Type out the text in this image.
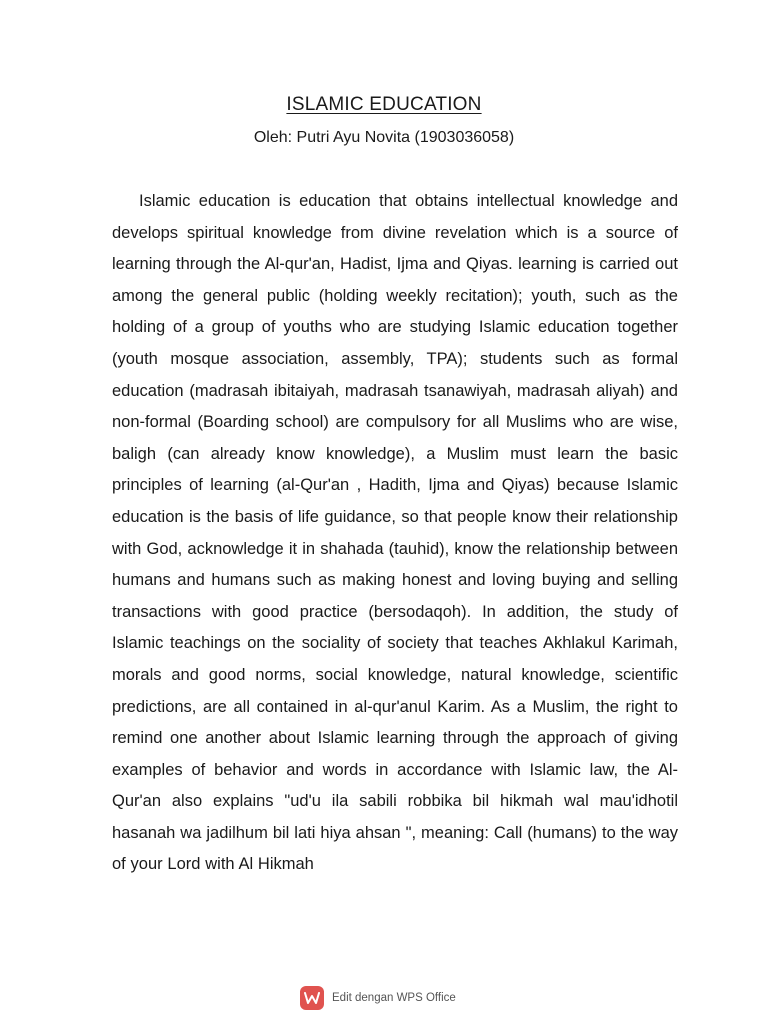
ISLAMIC EDUCATION
Oleh: Putri Ayu Novita (1903036058)

Islamic education is education that obtains intellectual knowledge and develops spiritual knowledge from divine revelation which is a source of learning through the Al-qur'an, Hadist, Ijma and Qiyas. learning is carried out among the general public (holding weekly recitation); youth, such as the holding of a group of youths who are studying Islamic education together (youth mosque association, assembly, TPA); students such as formal education (madrasah ibitaiyah, madrasah tsanawiyah, madrasah aliyah) and non-formal (Boarding school) are compulsory for all Muslims who are wise, baligh (can already know knowledge), a Muslim must learn the basic principles of learning (al-Qur'an , Hadith, Ijma and Qiyas) because Islamic education is the basis of life guidance, so that people know their relationship with God, acknowledge it in shahada (tauhid), know the relationship between humans and humans such as making honest and loving buying and selling transactions with good practice (bersodaqoh). In addition, the study of Islamic teachings on the sociality of society that teaches Akhlakul Karimah, morals and good norms, social knowledge, natural knowledge, scientific predictions, are all contained in al-qur'anul Karim. As a Muslim, the right to remind one another about Islamic learning through the approach of giving examples of behavior and words in accordance with Islamic law, the Al-Qur'an also explains "ud'u ila sabili robbika bil hikmah wal mau'idhotil hasanah wa jadilhum bil lati hiya ahsan ", meaning: Call (humans) to the way of your Lord with Al Hikmah

Edit dengan WPS Office
